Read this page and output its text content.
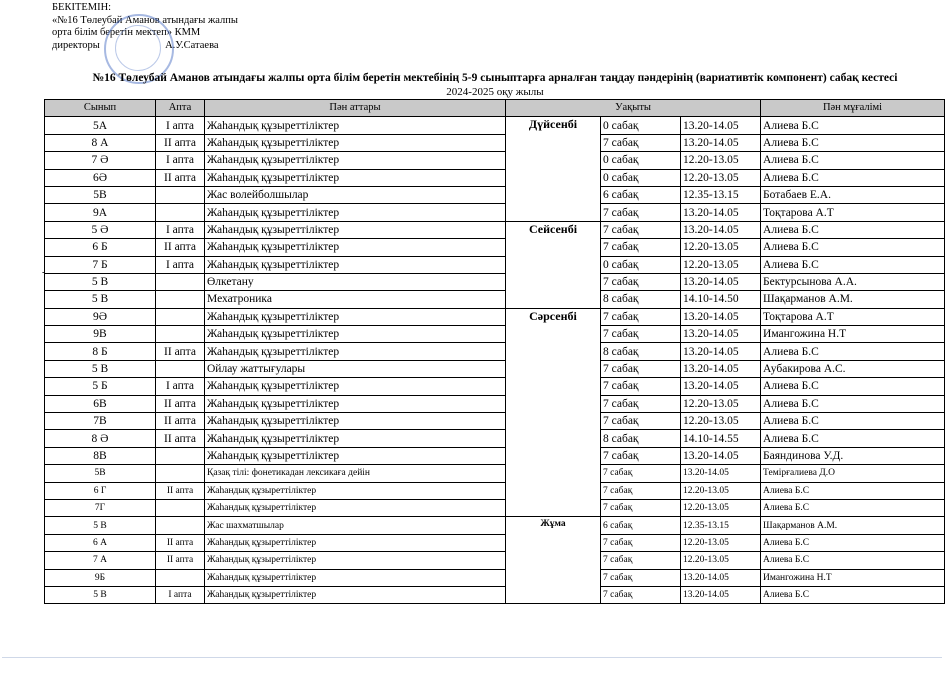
БЕКІТЕМІН:
«№16 Төлеубай Аманов атындағы жалпы
орта білім беретін мектеп» КММ
директоры	А.У.Сатаева
№16 Төлеубай Аманов атындағы жалпы орта білім беретін мектебінің 5-9 сыныптарға арналған таңдау пәндерінің (вариативтік компонент) сабақ кестесі
2024-2025 оқу жылы
-
Сынып	Апта	Пән аттары	Уақыты			Пән мұғалімі
5А	I апта	Жаһандық құзыреттіліктер	Дүйсенбі	0 сабақ	13.20-14.05	Алиева Б.С
8 А	II апта	Жаһандық құзыреттіліктер		7 сабақ	13.20-14.05	Алиева Б.С
7 Ә	I апта	Жаһандық құзыреттіліктер		0 сабақ	12.20-13.05	Алиева Б.С
6Ә	II апта	Жаһандық құзыреттіліктер		0 сабақ	12.20-13.05	Алиева Б.С
5В		Жас волейболшылар		6 сабақ	12.35-13.15	Ботабаев Е.А.
9А		Жаһандық құзыреттіліктер		7 сабақ	13.20-14.05	Тоқтарова А.Т
5 Ә	I апта	Жаһандық құзыреттіліктер	Сейсенбі	7 сабақ	13.20-14.05	Алиева Б.С
6 Б	II апта	Жаһандық құзыреттіліктер		7 сабақ	12.20-13.05	Алиева Б.С
7 Б	I апта	Жаһандық құзыреттіліктер		0 сабақ	12.20-13.05	Алиева Б.С
5 В		Өлкетану		7 сабақ	13.20-14.05	Бектурсынова А.А.
5 В		Мехатроника		8 сабақ	14.10-14.50	Шақарманов А.М.
9Ә		Жаһандық құзыреттіліктер	Сәрсенбі	7 сабақ	13.20-14.05	Тоқтарова А.Т
9В		Жаһандық құзыреттіліктер		7 сабақ	13.20-14.05	Имангожина Н.Т
8 Б	II апта	Жаһандық құзыреттіліктер		8 сабақ	13.20-14.05	Алиева Б.С
5 В		Ойлау жаттығулары		7 сабақ	13.20-14.05	Аубакирова А.С.
5 Б	I апта	Жаһандық құзыреттіліктер		7 сабақ	13.20-14.05	Алиева Б.С
6В	II апта	Жаһандық құзыреттіліктер		7 сабақ	12.20-13.05	Алиева Б.С
7В	II апта	Жаһандық құзыреттіліктер		7 сабақ	12.20-13.05	Алиева Б.С
8 Ә	II апта	Жаһандық құзыреттіліктер		8 сабақ	14.10-14.55	Алиева Б.С
8В		Жаһандық құзыреттіліктер		7 сабақ	13.20-14.05	Баяндинова У.Д.
5В		Қазақ тілі: фонетикадан лексикаға дейін		7 сабақ	13.20-14.05	Темірғалиева Д.О
6 Г	II апта	Жаһандық құзыреттіліктер		7 сабақ	12.20-13.05	Алиева Б.С
7Г		Жаһандық құзыреттіліктер		7 сабақ	12.20-13.05	Алиева Б.С
5 В		Жас шахматшылар	Жұма	6 сабақ	12.35-13.15	Шақарманов А.М.
6 А	II апта	Жаһандық құзыреттіліктер		7 сабақ	12.20-13.05	Алиева Б.С
7 А	II апта	Жаһандық құзыреттіліктер		7 сабақ	12.20-13.05	Алиева Б.С
9Б		Жаһандық құзыреттіліктер		7 сабақ	13.20-14.05	Имангожина Н.Т
5 В	I апта	Жаһандық құзыреттіліктер		7 сабақ	13.20-14.05	Алиева Б.С
